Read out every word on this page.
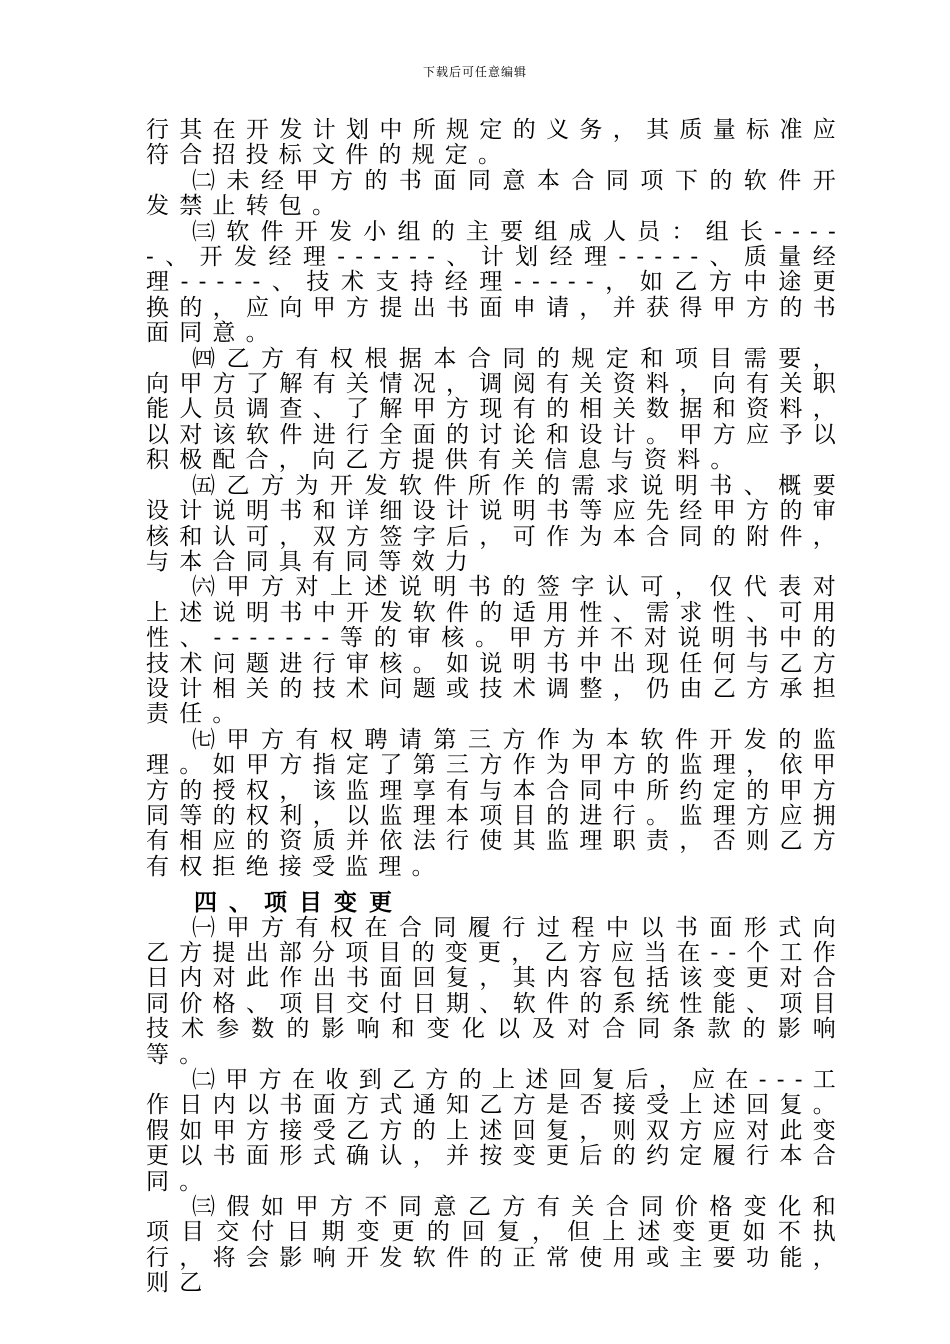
下载后可任意编辑

行其在开发计划中所规定的义务，其质量标准应符合招投标文件的规定。

㈡未经甲方的书面同意本合同项下的软件开发禁止转包。

㈢软件开发小组的主要组成人员：组长-----、开发经理------、计划经理-----、质量经理-----、技术支持经理-----，如乙方中途更换的，应向甲方提出书面申请，并获得甲方的书面同意。

㈣乙方有权根据本合同的规定和项目需要，向甲方了解有关情况，调阅有关资料，向有关职能人员调查、了解甲方现有的相关数据和资料，以对该软件进行全面的讨论和设计。甲方应予以积极配合，向乙方提供有关信息与资料。

㈤乙方为开发软件所作的需求说明书、概要设计说明书和详细设计说明书等应先经甲方的审核和认可，双方签字后，可作为本合同的附件，与本合同具有同等效力

㈥甲方对上述说明书的签字认可，仅代表对上述说明书中开发软件的适用性、需求性、可用性、-------等的审核。甲方并不对说明书中的技术问题进行审核。如说明书中出现任何与乙方设计相关的技术问题或技术调整，仍由乙方承担责任。

㈦甲方有权聘请第三方作为本软件开发的监理。如甲方指定了第三方作为甲方的监理，依甲方的授权，该监理享有与本合同中所约定的甲方同等的权利，以监理本项目的进行。监理方应拥有相应的资质并依法行使其监理职责，否则乙方有权拒绝接受监理。

四、项目变更

㈠甲方有权在合同履行过程中以书面形式向乙方提出部分项目的变更，乙方应当在--个工作日内对此作出书面回复，其内容包括该变更对合同价格、项目交付日期、软件的系统性能、项目技术参数的影响和变化以及对合同条款的影响等。

㈡甲方在收到乙方的上述回复后，应在---工作日内以书面方式通知乙方是否接受上述回复。假如甲方接受乙方的上述回复，则双方应对此变更以书面形式确认，并按变更后的约定履行本合同。

㈢假如甲方不同意乙方有关合同价格变化和项目交付日期变更的回复，但上述变更如不执行，将会影响开发软件的正常使用或主要功能，则乙
